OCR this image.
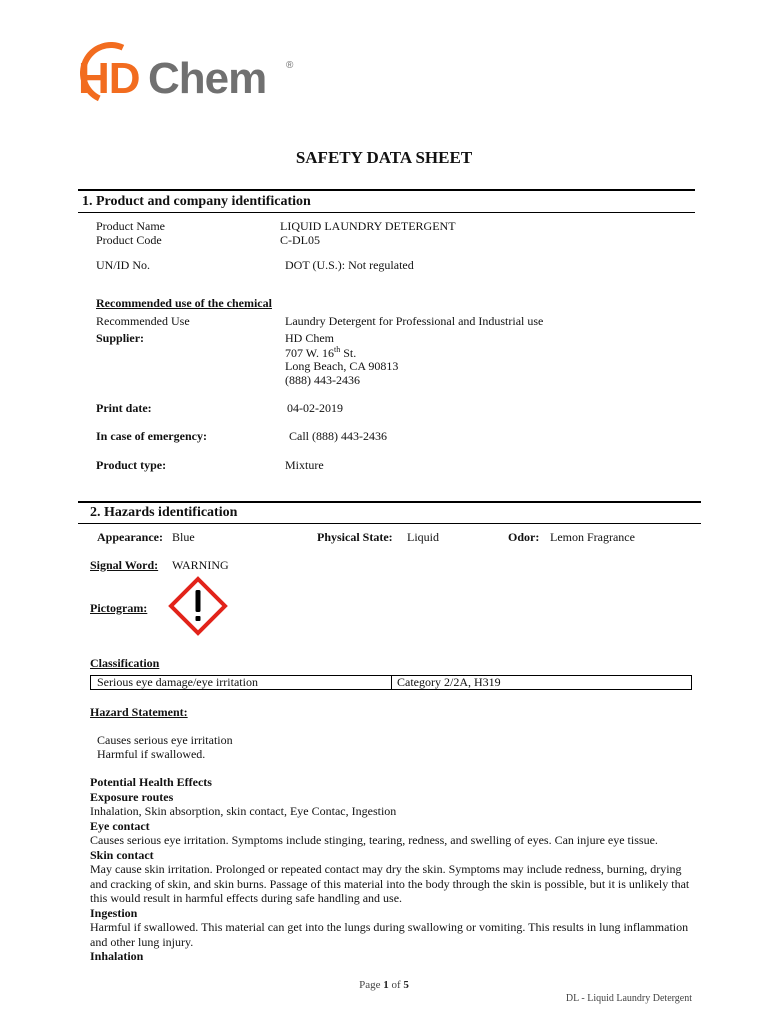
HD Chem ®
SAFETY DATA SHEET
1. Product and company identification
Product Name	LIQUID LAUNDRY DETERGENT
Product Code	C-DL05
UN/ID No.	DOT (U.S.): Not regulated
Recommended use of the chemical
Recommended Use	Laundry Detergent for Professional and Industrial use
Supplier:	HD Chem
707 W. 16th St.
Long Beach, CA 90813
(888) 443-2436
Print date:	04-02-2019
In case of emergency:	Call (888) 443-2436
Product type:	Mixture
2. Hazards identification
Appearance: Blue	Physical State: Liquid	Odor: Lemon Fragrance
Signal Word: WARNING
Pictogram:
Classification
Serious eye damage/eye irritation	Category 2/2A, H319
Hazard Statement:
Causes serious eye irritation
Harmful if swallowed.
Potential Health Effects
Exposure routes
Inhalation, Skin absorption, skin contact, Eye Contac, Ingestion
Eye contact
Causes serious eye irritation. Symptoms include stinging, tearing, redness, and swelling of eyes. Can injure eye tissue.
Skin contact
May cause skin irritation. Prolonged or repeated contact may dry the skin. Symptoms may include redness, burning, drying
and cracking of skin, and skin burns. Passage of this material into the body through the skin is possible, but it is unlikely that
this would result in harmful effects during safe handling and use.
Ingestion
Harmful if swallowed. This material can get into the lungs during swallowing or vomiting. This results in lung inflammation
and other lung injury.
Inhalation
Page 1 of 5
DL - Liquid Laundry Detergent
